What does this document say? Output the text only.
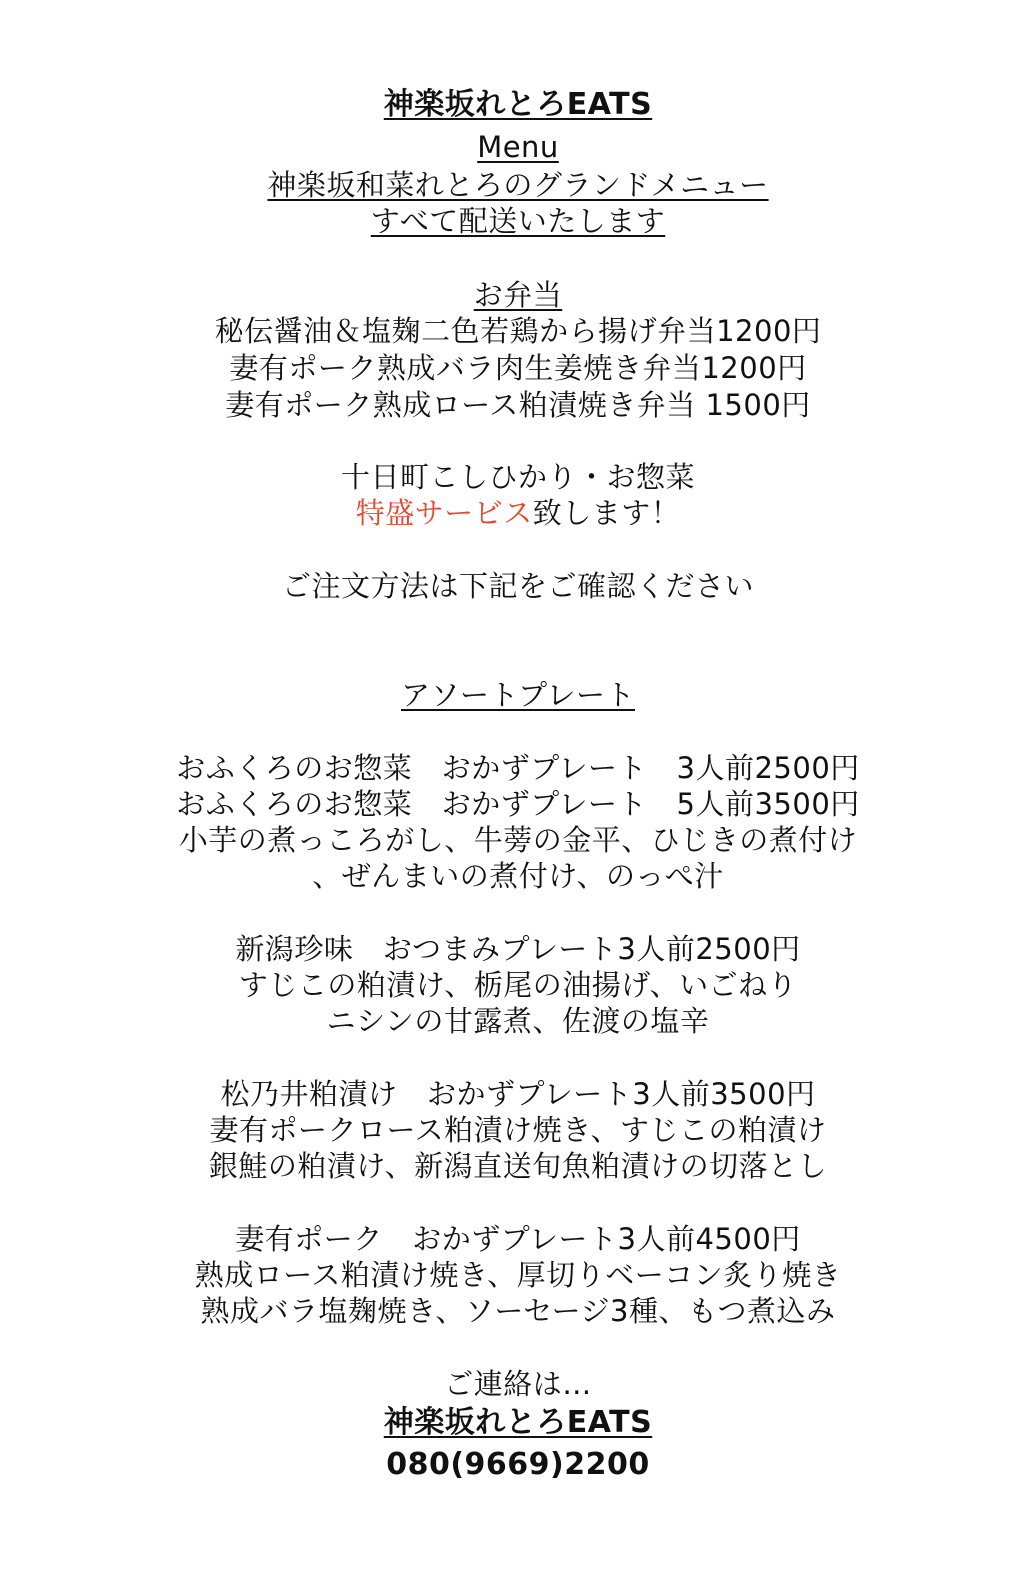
神楽坂れとろEATS
Menu
神楽坂和菜れとろのグランドメニュー
すべて配送いたします
お弁当
秘伝醤油＆塩麹二色若鶏から揚げ弁当1200円
妻有ポーク熟成バラ肉生姜焼き弁当1200円
妻有ポーク熟成ロース粕漬焼き弁当 1500円
十日町こしひかり・お惣菜
特盛サービス致します！
ご注文方法は下記をご確認ください
アソートプレート
おふくろのお惣菜　おかずプレート　3人前2500円
おふくろのお惣菜　おかずプレート　5人前3500円
小芋の煮っころがし、牛蒡の金平、ひじきの煮付け
、ぜんまいの煮付け、のっぺ汁
新潟珍味　おつまみプレート3人前2500円
すじこの粕漬け、栃尾の油揚げ、いごねり
ニシンの甘露煮、佐渡の塩辛
松乃井粕漬け　おかずプレート3人前3500円
妻有ポークロース粕漬け焼き、すじこの粕漬け
銀鮭の粕漬け、新潟直送旬魚粕漬けの切落とし
妻有ポーク　おかずプレート3人前4500円
熟成ロース粕漬け焼き、厚切りベーコン炙り焼き
熟成バラ塩麹焼き、ソーセージ3種、もつ煮込み
ご連絡は…
神楽坂れとろEATS
080(9669)2200
